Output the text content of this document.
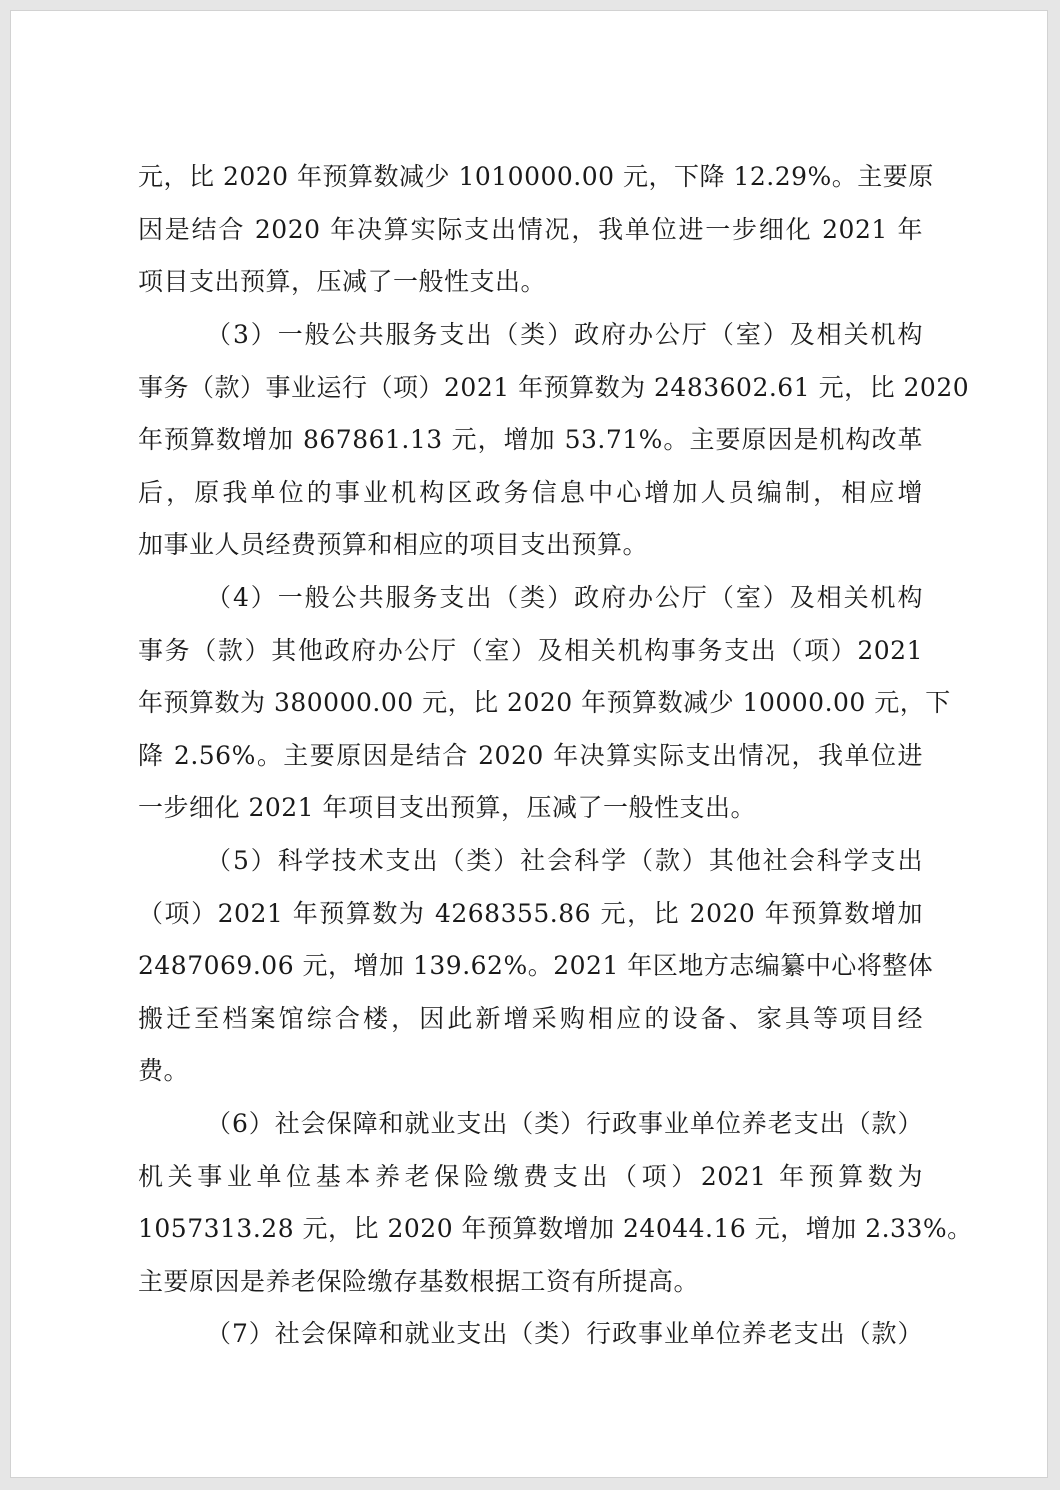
元，比 2020 年预算数减少 1010000.00 元，下降 12.29%。主要原
因是结合 2020 年决算实际支出情况，我单位进一步细化 2021 年
项目支出预算，压减了一般性支出。
（3）一般公共服务支出（类）政府办公厅（室）及相关机构
事务（款）事业运行（项）2021 年预算数为 2483602.61 元，比 2020
年预算数增加 867861.13 元，增加 53.71%。主要原因是机构改革
后，原我单位的事业机构区政务信息中心增加人员编制，相应增
加事业人员经费预算和相应的项目支出预算。
（4）一般公共服务支出（类）政府办公厅（室）及相关机构
事务（款）其他政府办公厅（室）及相关机构事务支出（项）2021
年预算数为 380000.00 元，比 2020 年预算数减少 10000.00 元，下
降 2.56%。主要原因是结合 2020 年决算实际支出情况，我单位进
一步细化 2021 年项目支出预算，压减了一般性支出。
（5）科学技术支出（类）社会科学（款）其他社会科学支出
（项）2021 年预算数为 4268355.86 元，比 2020 年预算数增加
2487069.06 元，增加 139.62%。2021 年区地方志编纂中心将整体
搬迁至档案馆综合楼，因此新增采购相应的设备、家具等项目经
费。
（6）社会保障和就业支出（类）行政事业单位养老支出（款）
机关事业单位基本养老保险缴费支出（项）2021 年预算数为
1057313.28 元，比 2020 年预算数增加 24044.16 元，增加 2.33%。
主要原因是养老保险缴存基数根据工资有所提高。
（7）社会保障和就业支出（类）行政事业单位养老支出（款）
